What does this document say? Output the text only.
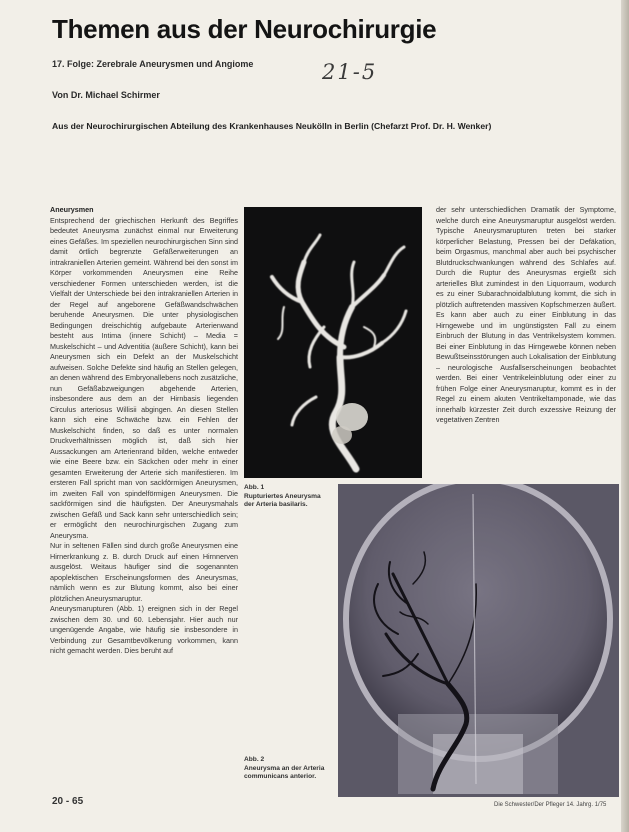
Themen aus der Neurochirurgie
17. Folge: Zerebrale Aneurysmen und Angiome	21-5
Von Dr. Michael Schirmer
Aus der Neurochirurgischen Abteilung des Krankenhauses Neukölln in Berlin (Chefarzt Prof. Dr. H. Wenker)
Aneurysmen

Entsprechend der griechischen Herkunft des Begriffes bedeutet Aneurysma zunächst einmal nur Erweiterung eines Gefäßes. Im speziellen neurochirurgischen Sinn sind damit örtlich begrenzte Gefäßerweiterungen an intrakraniellen Arterien gemeint. Während bei den sonst im Körper vorkommenden Aneurysmen eine Reihe verschiedener Formen unterschieden werden, ist die Vielfalt der Unterschiede bei den intrakraniellen Arterien in der Regel auf angeborene Gefäßwandschwächen beruhende Aneurysmen. Die unter physiologischen Bedingungen dreischichtig aufgebaute Arterienwand besteht aus Intima (innere Schicht) – Media = Muskelschicht – und Adventitia (äußere Schicht), kann bei Aneurysmen sich ein Defekt an der Muskelschicht aufweisen. Solche Defekte sind häufig an Stellen gelegen, an denen während des Embryonallebens noch zusätzliche, nun Gefäßabzweigungen abgehende Arterien, insbesondere aus dem an der Hirnbasis liegenden Circulus arteriosus Willisii abgingen. An diesen Stellen kann sich eine Schwäche bzw. ein Fehlen der Muskelschicht finden, so daß es unter normalen Druckverhältnissen möglich ist, daß sich hier Aussackungen am Arterienrand bilden, welche entweder wie eine Beere bzw. ein Säckchen oder mehr in einer gesamten Erweiterung der Arterie sich manifestieren. Im ersteren Fall spricht man von sackförmigen Aneurysmen, im zweiten Fall von spindelförmigen Aneurysmen. Die sackförmigen sind die häufigsten. Der Aneurysmahals zwischen Gefäß und Sack kann sehr unterschiedlich sein; er ermöglicht den neurochirurgischen Zugang zum Aneurysma.

Nur in seltenen Fällen sind durch große Aneurysmen eine Hirnerkrankung z. B. durch Druck auf einen Hirnnerven ausgelöst. Weitaus häufiger sind die sogenannten apoplektischen Erscheinungsformen des Aneurysmas, nämlich wenn es zur Blutung kommt, also bei einer plötzlichen Aneurysmaruptur.

Aneurysmarupturen (Abb. 1) ereignen sich in der Regel zwischen dem 30. und 60. Lebensjahr. Hier auch nur ungenügende Angabe, wie häufig sie insbesondere in Verbindung zur Gesamtbevölkerung vorkommen, kann nicht gemacht werden. Dies beruht auf

Abb. 1
Rupturiertes Aneurysma der Arteria basilaris.

der sehr unterschiedlichen Dramatik der Symptome, welche durch eine Aneurysmaruptur ausgelöst werden. Typische Aneurysmarupturen treten bei starker körperlicher Belastung, Pressen bei der Defäkation, beim Orgasmus, manchmal aber auch bei psychischer Blutdruckschwankungen während des Schlafes auf. Durch die Ruptur des Aneurysmas ergießt sich arterielles Blut zumindest in den Liquorraum, wodurch es zu einer Subarachnoidalblutung kommt, die sich in plötzlich auftretenden massiven Kopfschmerzen äußert. Es kann aber auch zu einer Einblutung in das Hirngewebe und im ungünstigsten Fall zu einem Einbruch der Blutung in das Ventrikelsystem kommen. Bei einer Einblutung in das Hirngewebe können neben Bewußtseinsstörungen auch Lokalisation der Einblutung – neurologische Ausfallserscheinungen beobachtet werden. Bei einer Ventrikeleinblutung oder einer zu frühen Folge einer Aneurysmaruptur, kommt es in der Regel zu einem akuten Ventrikeltamponade, wie das innerhalb kürzester Zeit durch exzessive Reizung der vegetativen Zentren

Abb. 2
Aneurysma an der Arteria communicans anterior.
20 - 65	Die Schwester/Der Pfleger 14. Jahrg. 1/75
